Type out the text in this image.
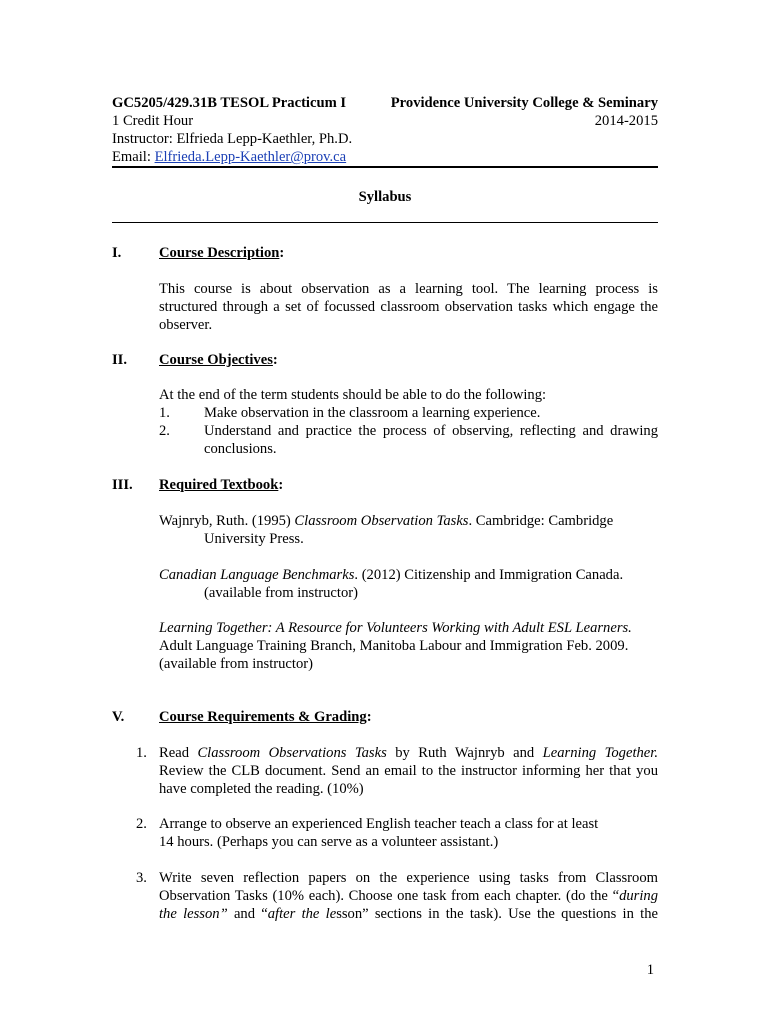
GC5205/429.31B TESOL Practicum I	Providence University College & Seminary
1 Credit Hour	2014-2015
Instructor: Elfrieda Lepp-Kaethler, Ph.D.
Email: Elfrieda.Lepp-Kaethler@prov.ca
Syllabus
I.	Course Description:
This course is about observation as a learning tool. The learning process is
structured through a set of focussed classroom observation tasks which engage the
observer.
II. Course Objectives:
At the end of the term students should be able to do the following:
1. Make observation in the classroom a learning experience.
2. Understand and practice the process of observing, reflecting and drawing
conclusions.
III. Required Textbook:
Wajnryb, Ruth. (1995) Classroom Observation Tasks. Cambridge: Cambridge
University Press.
Canadian Language Benchmarks. (2012) Citizenship and Immigration Canada.
(available from instructor)
Learning Together: A Resource for Volunteers Working with Adult ESL Learners.
Adult Language Training Branch, Manitoba Labour and Immigration Feb. 2009.
(available from instructor)
V. Course Requirements & Grading:
1. Read Classroom Observations Tasks by Ruth Wajnryb and Learning Together.
Review the CLB document. Send an email to the instructor informing her that you
have completed the reading. (10%)
2. Arrange to observe an experienced English teacher teach a class for at least
14 hours. (Perhaps you can serve as a volunteer assistant.)
3. Write seven reflection papers on the experience using tasks from Classroom
Observation Tasks (10% each). Choose one task from each chapter. (do the “during
the lesson” and “after the lesson” sections in the task). Use the questions in the
1
